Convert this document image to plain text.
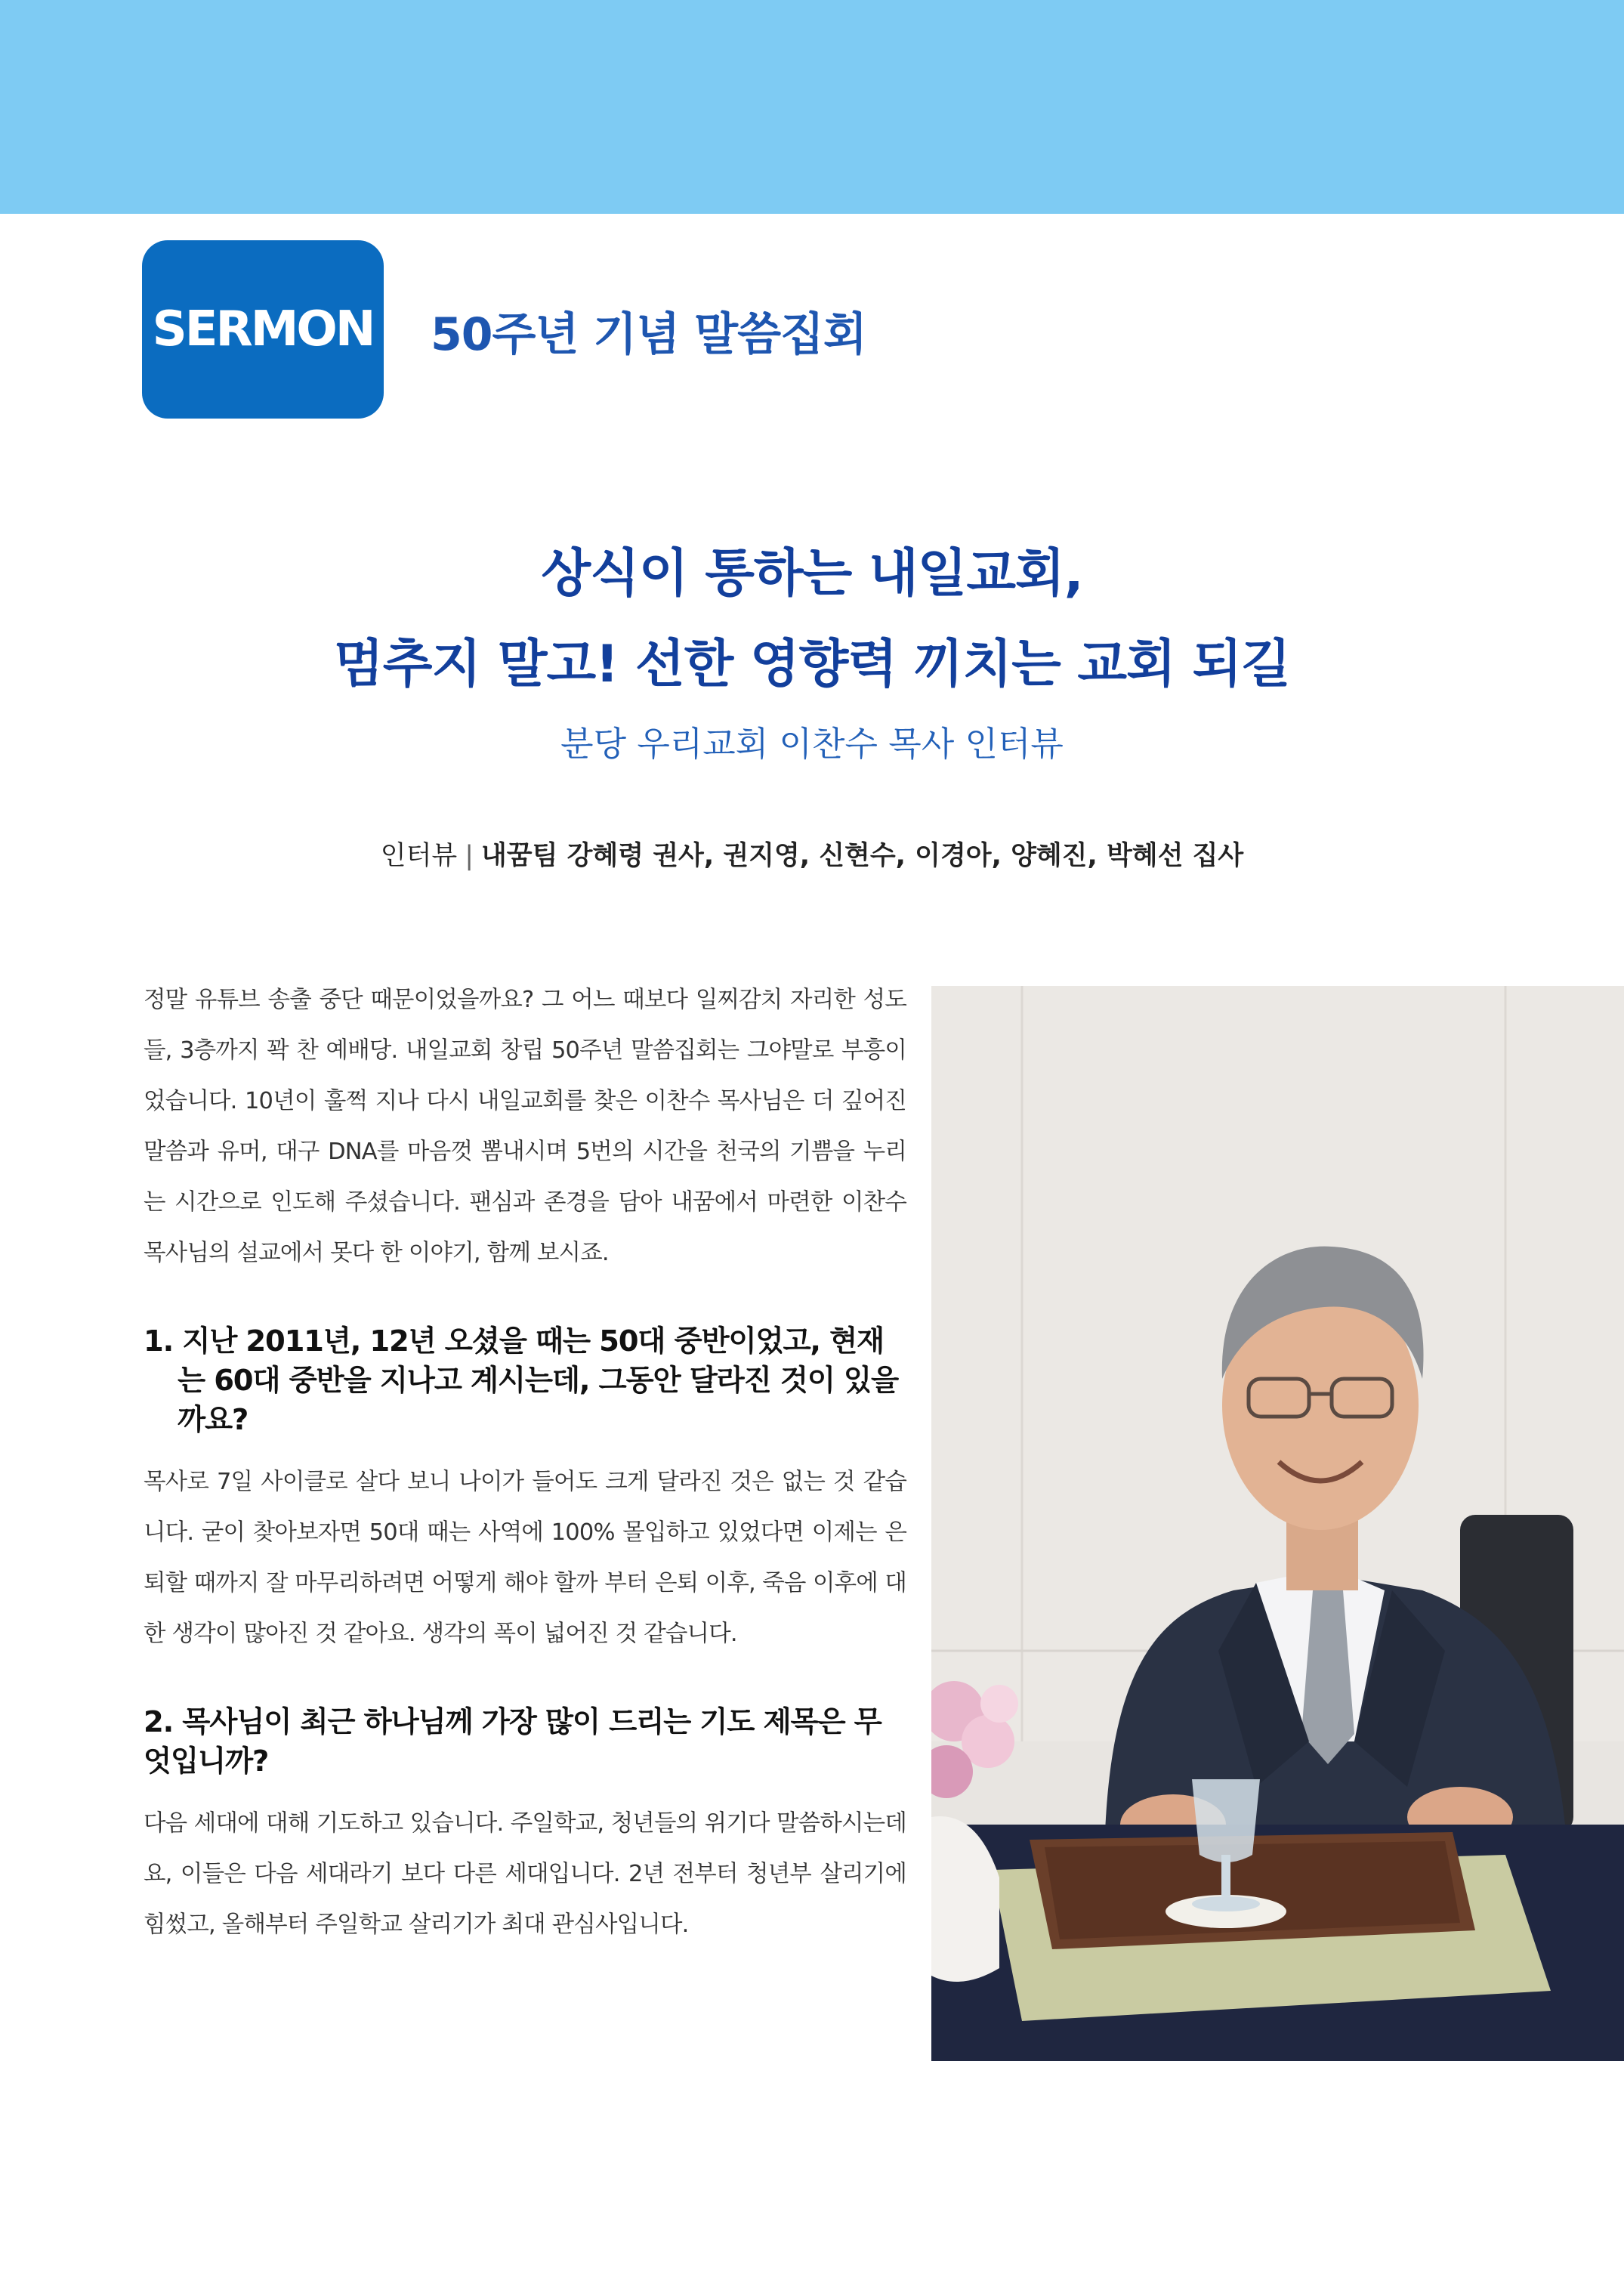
SERMON 50주년 기념 말씀집회
상식이 통하는 내일교회,
멈추지 말고! 선한 영향력 끼치는 교회 되길
분당 우리교회 이찬수 목사 인터뷰
인터뷰 | 내꿈팀 강혜령 권사, 권지영, 신현수, 이경아, 양혜진, 박혜선 집사

정말 유튜브 송출 중단 때문이었을까요? 그 어느 때보다 일찌감치 자리한 성도들, 3층까지 꽉 찬 예배당. 내일교회 창립 50주년 말씀집회는 그야말로 부흥이었습니다. 10년이 훌쩍 지나 다시 내일교회를 찾은 이찬수 목사님은 더 깊어진 말씀과 유머, 대구 DNA를 마음껏 뽐내시며 5번의 시간을 천국의 기쁨을 누리는 시간으로 인도해 주셨습니다. 팬심과 존경을 담아 내꿈에서 마련한 이찬수 목사님의 설교에서 못다 한 이야기, 함께 보시죠.

1. 지난 2011년, 12년 오셨을 때는 50대 중반이었고, 현재는 60대 중반을 지나고 계시는데, 그동안 달라진 것이 있을까요?

목사로 7일 사이클로 살다 보니 나이가 들어도 크게 달라진 것은 없는 것 같습니다. 굳이 찾아보자면 50대 때는 사역에 100% 몰입하고 있었다면 이제는 은퇴할 때까지 잘 마무리하려면 어떻게 해야 할까 부터 은퇴 이후, 죽음 이후에 대한 생각이 많아진 것 같아요. 생각의 폭이 넓어진 것 같습니다.

2. 목사님이 최근 하나님께 가장 많이 드리는 기도 제목은 무엇입니까?

다음 세대에 대해 기도하고 있습니다. 주일학교, 청년들의 위기다 말씀하시는데요, 이들은 다음 세대라기 보다 다른 세대입니다. 2년 전부터 청년부 살리기에 힘썼고, 올해부터 주일학교 살리기가 최대 관심사입니다.
